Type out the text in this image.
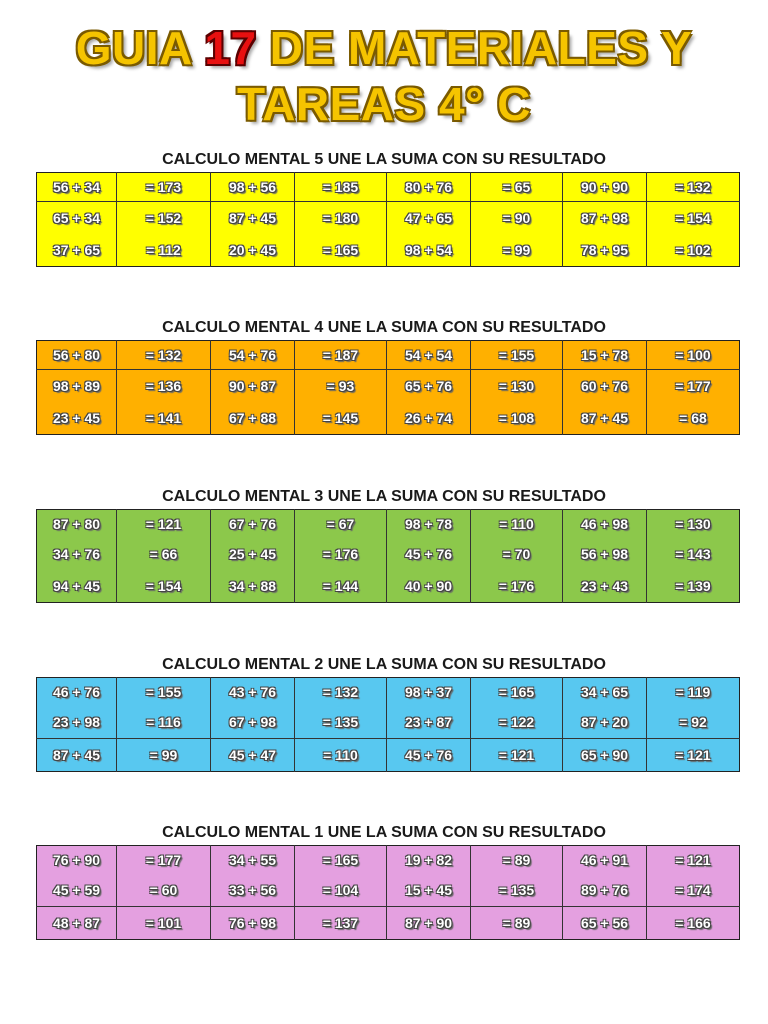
GUIA 17 DE MATERIALES Y
TAREAS 4° C
CALCULO MENTAL 5 UNE LA SUMA CON SU RESULTADO
56 + 34	= 173	98 + 56	= 185	80 + 76	= 65	90 + 90	= 132
65 + 34	= 152	87 + 45	= 180	47 + 65	= 90	87 + 98	= 154
37 + 65	= 112	20 + 45	= 165	98 + 54	= 99	78 + 95	= 102
CALCULO MENTAL 4 UNE LA SUMA CON SU RESULTADO
56 + 80	= 132	54 + 76	= 187	54 + 54	= 155	15 + 78	= 100
98 + 89	= 136	90 + 87	= 93	65 + 76	= 130	60 + 76	= 177
23 + 45	= 141	67 + 88	= 145	26 + 74	= 108	87 + 45	= 68
CALCULO MENTAL 3 UNE LA SUMA CON SU RESULTADO
87 + 80	= 121	67 + 76	= 67	98 + 78	= 110	46 + 98	= 130
34 + 76	= 66	25 + 45	= 176	45 + 76	= 70	56 + 98	= 143
94 + 45	= 154	34 + 88	= 144	40 + 90	= 176	23 + 43	= 139
CALCULO MENTAL 2 UNE LA SUMA CON SU RESULTADO
46 + 76	= 155	43 + 76	= 132	98 + 37	= 165	34 + 65	= 119
23 + 98	= 116	67 + 98	= 135	23 + 87	= 122	87 + 20	= 92
87 + 45	= 99	45 + 47	= 110	45 + 76	= 121	65 + 90	= 121
CALCULO MENTAL 1 UNE LA SUMA CON SU RESULTADO
76 + 90	= 177	34 + 55	= 165	19 + 82	= 89	46 + 91	= 121
45 + 59	= 60	33 + 56	= 104	15 + 45	= 135	89 + 76	= 174
48 + 87	= 101	76 + 98	= 137	87 + 90	= 89	65 + 56	= 166
